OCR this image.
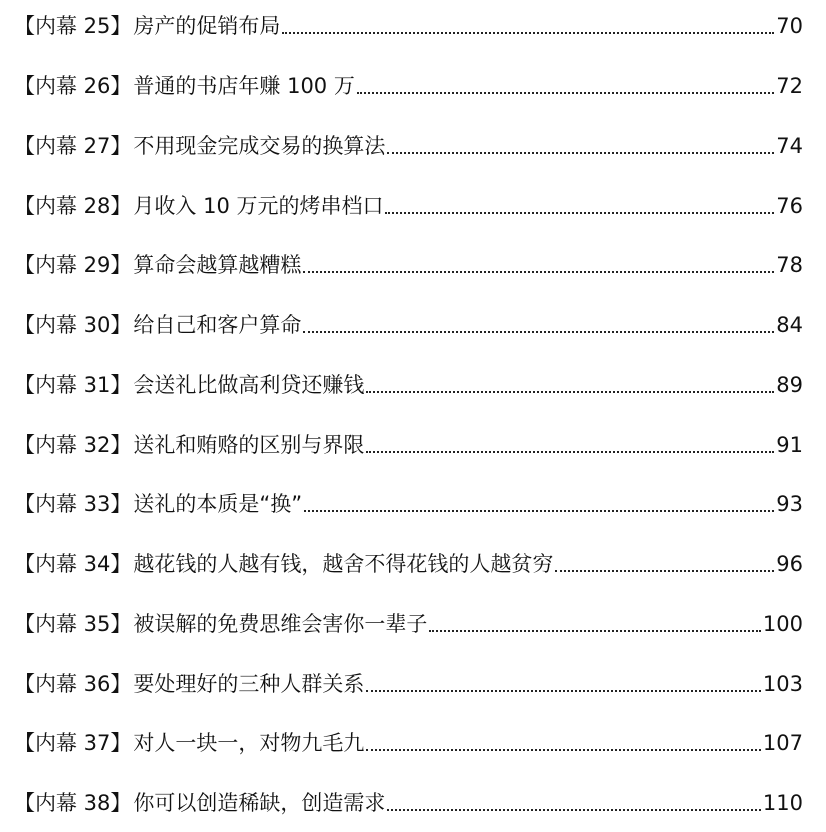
【内幕 25】 房产的促销布局	70
【内幕 26】 普通的书店年赚 100 万	72
【内幕 27】 不用现金完成交易的换算法	74
【内幕 28】 月收入 10 万元的烤串档口	76
【内幕 29】 算命会越算越糟糕	78
【内幕 30】 给自己和客户算命	84
【内幕 31】 会送礼比做高利贷还赚钱	89
【内幕 32】 送礼和贿赂的区别与界限	91
【内幕 33】 送礼的本质是“换”	93
【内幕 34】 越花钱的人越有钱，越舍不得花钱的人越贫穷	96
【内幕 35】 被误解的免费思维会害你一辈子	100
【内幕 36】 要处理好的三种人群关系	103
【内幕 37】 对人一块一，对物九毛九	107
【内幕 38】 你可以创造稀缺，创造需求	110
